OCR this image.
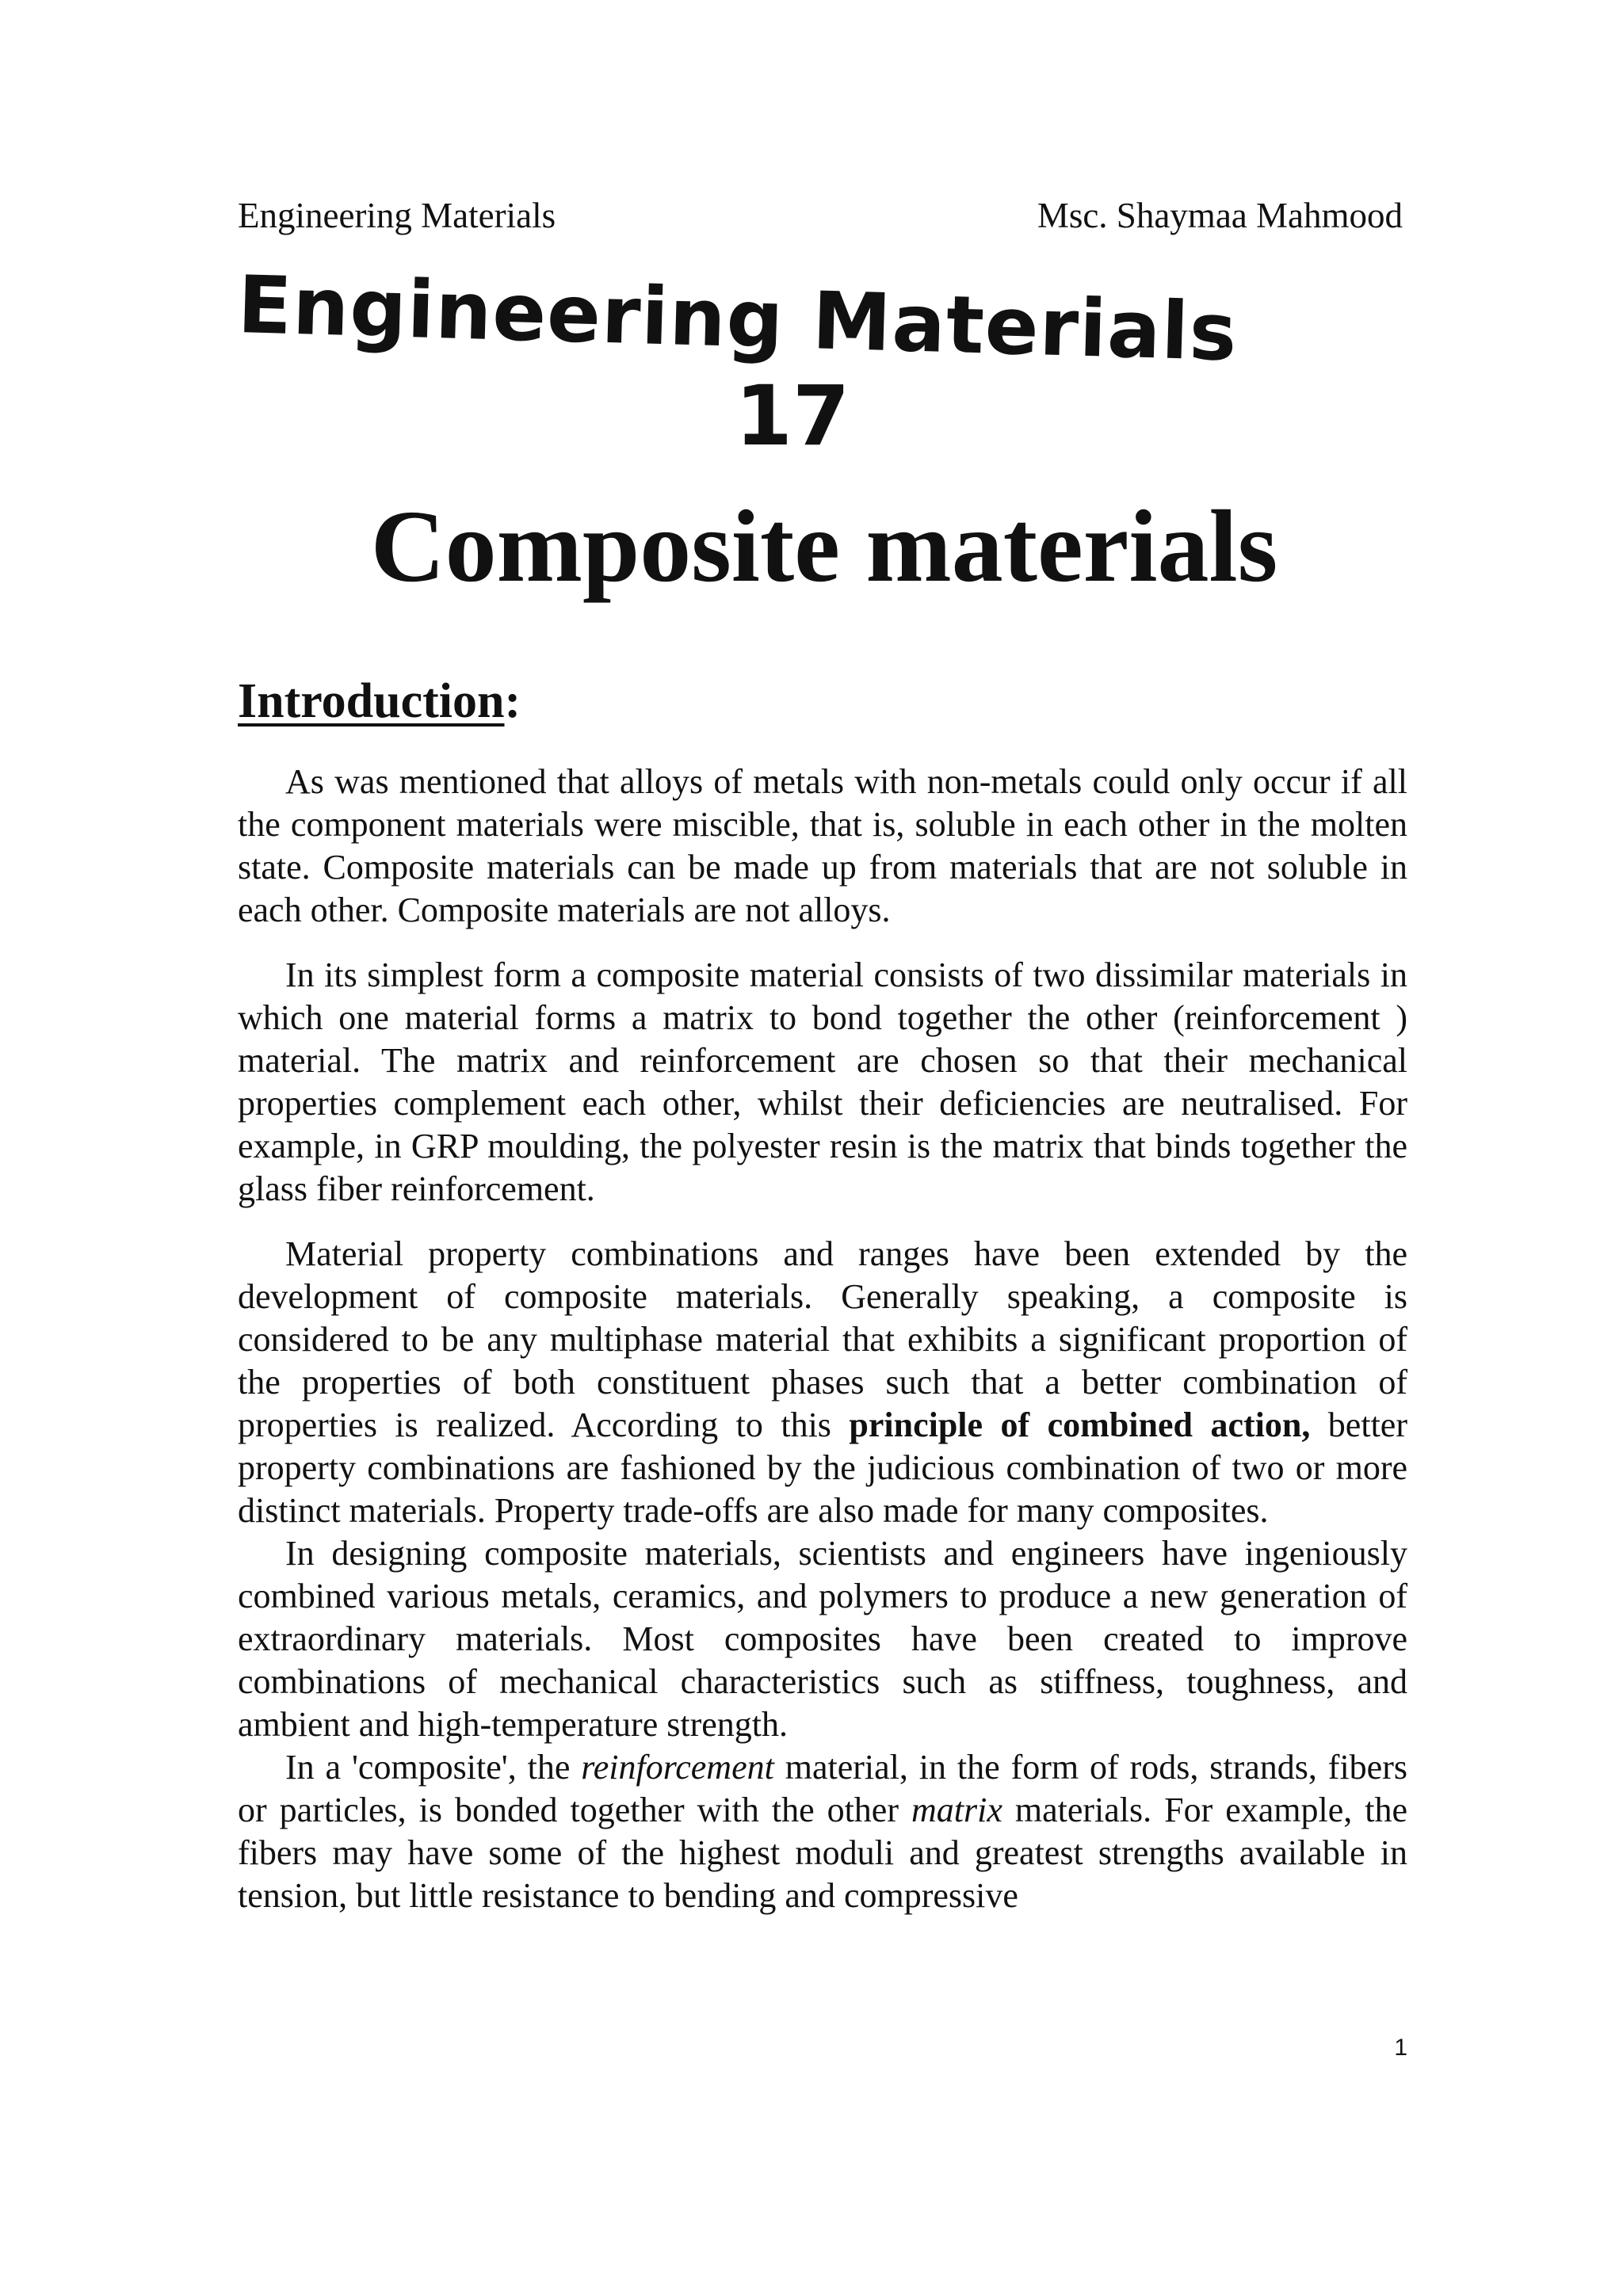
Engineering Materials	Msc. Shaymaa Mahmood
Engineering Materials
17
Composite materials
Introduction:

As was mentioned that alloys of metals with non-metals could only occur if all the component materials were miscible, that is, soluble in each other in the molten state. Composite materials can be made up from materials that are not soluble in each other. Composite materials are not alloys.

In its simplest form a composite material consists of two dissimilar materials in which one material forms a matrix to bond together the other (reinforcement ) material. The matrix and reinforcement are chosen so that their mechanical properties complement each other, whilst their deficiencies are neutralised. For example, in GRP moulding, the polyester resin is the matrix that binds together the glass fiber reinforcement.

Material property combinations and ranges have been extended by the development of composite materials. Generally speaking, a composite is considered to be any multiphase material that exhibits a significant proportion of the properties of both constituent phases such that a better combination of properties is realized. According to this principle of combined action, better property combinations are fashioned by the judicious combination of two or more distinct materials. Property trade-offs are also made for many composites.

In designing composite materials, scientists and engineers have ingeniously combined various metals, ceramics, and polymers to produce a new generation of extraordinary materials. Most composites have been created to improve combinations of mechanical characteristics such as stiffness, toughness, and ambient and high-temperature strength.

In a 'composite', the reinforcement material, in the form of rods, strands, fibers or particles, is bonded together with the other matrix materials. For example, the fibers may have some of the highest moduli and greatest strengths available in tension, but little resistance to bending and compressive

1
